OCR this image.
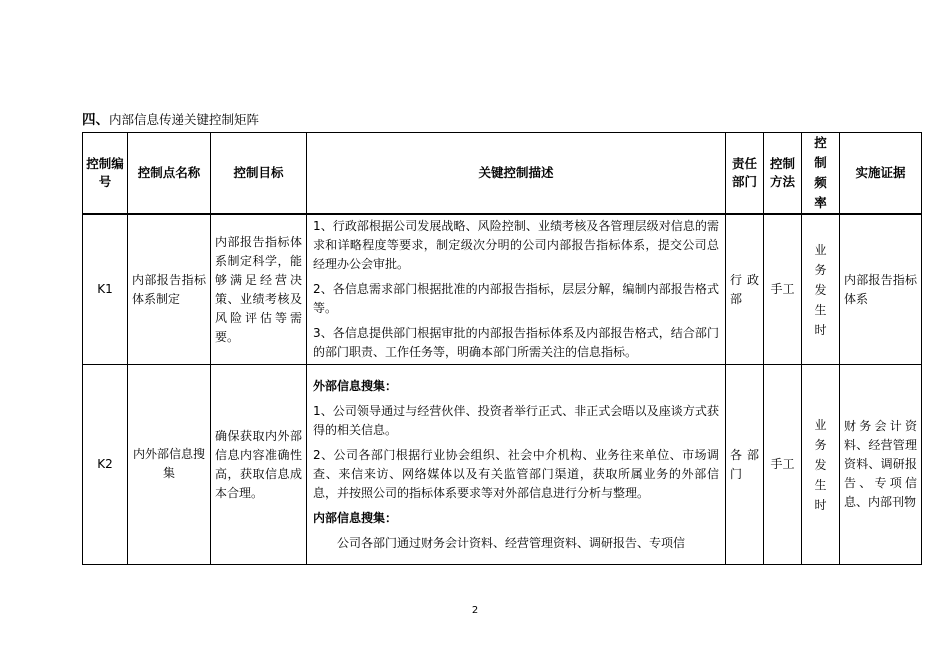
四、内部信息传递关键控制矩阵
控制编号	控制点名称	控制目标	关键控制描述	责任部门	控制方法	控制频率	实施证据
K1	内部报告指标体系制定	内部报告指标体系制定科学，能够满足经营决策、业绩考核及风险评估等需要。	1、行政部根据公司发展战略、风险控制、业绩考核及各管理层级对信息的需求和详略程度等要求，制定级次分明的公司内部报告指标体系，提交公司总经理办公会审批。
2、各信息需求部门根据批准的内部报告指标，层层分解，编制内部报告格式等。
3、各信息提供部门根据审批的内部报告指标体系及内部报告格式，结合部门的部门职责、工作任务等，明确本部门所需关注的信息指标。	行政部	手工	业务发生时	内部报告指标体系
K2	内外部信息搜集	确保获取内外部信息内容准确性高，获取信息成本合理。	外部信息搜集：
1、公司领导通过与经营伙伴、投资者举行正式、非正式会晤以及座谈方式获得的相关信息。
2、公司各部门根据行业协会组织、社会中介机构、业务往来单位、市场调查、来信来访、网络媒体以及有关监管部门渠道，获取所属业务的外部信息，并按照公司的指标体系要求等对外部信息进行分析与整理。
内部信息搜集：
公司各部门通过财务会计资料、经营管理资料、调研报告、专项信	各部门	手工	业务发生时	财务会计资料、经营管理资料、调研报告、专项信息、内部刊物
2
